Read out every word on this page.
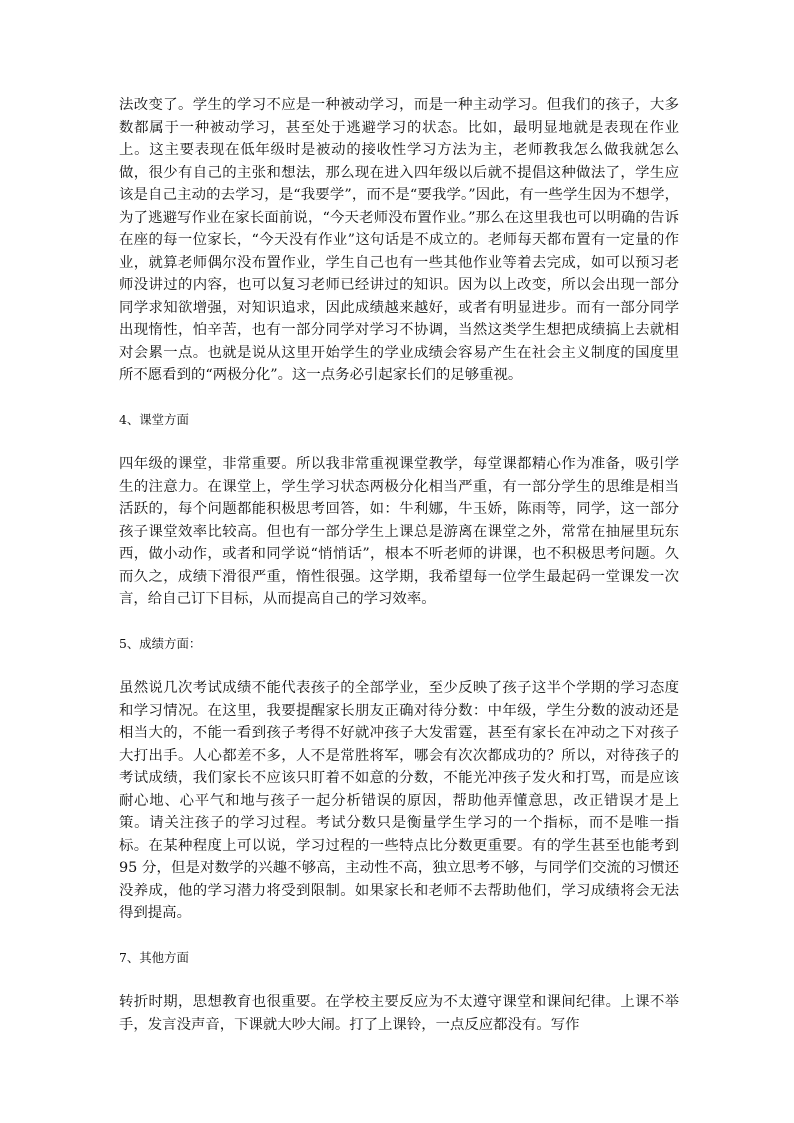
法改变了。学生的学习不应是一种被动学习，而是一种主动学习。但我们的孩子，大多数都属于一种被动学习，甚至处于逃避学习的状态。比如，最明显地就是表现在作业上。这主要表现在低年级时是被动的接收性学习方法为主，老师教我怎么做我就怎么做，很少有自己的主张和想法，那么现在进入四年级以后就不提倡这种做法了，学生应该是自己主动的去学习，是“我要学”，而不是“要我学。”因此，有一些学生因为不想学，为了逃避写作业在家长面前说，“今天老师没布置作业。”那么在这里我也可以明确的告诉在座的每一位家长，“今天没有作业”这句话是不成立的。老师每天都布置有一定量的作业，就算老师偶尔没布置作业，学生自己也有一些其他作业等着去完成，如可以预习老师没讲过的内容，也可以复习老师已经讲过的知识。因为以上改变，所以会出现一部分同学求知欲增强，对知识追求，因此成绩越来越好，或者有明显进步。而有一部分同学出现惰性，怕辛苦，也有一部分同学对学习不协调，当然这类学生想把成绩搞上去就相对会累一点。也就是说从这里开始学生的学业成绩会容易产生在社会主义制度的国度里所不愿看到的“两极分化”。这一点务必引起家长们的足够重视。

4、课堂方面

四年级的课堂，非常重要。所以我非常重视课堂教学，每堂课都精心作为准备，吸引学生的注意力。在课堂上，学生学习状态两极分化相当严重，有一部分学生的思维是相当活跃的，每个问题都能积极思考回答，如：牛利娜，牛玉娇，陈雨等，同学，这一部分孩子课堂效率比较高。但也有一部分学生上课总是游离在课堂之外，常常在抽屉里玩东西，做小动作，或者和同学说“悄悄话”，根本不听老师的讲课，也不积极思考问题。久而久之，成绩下滑很严重，惰性很强。这学期，我希望每一位学生最起码一堂课发一次言，给自己订下目标，从而提高自己的学习效率。

5、成绩方面：

虽然说几次考试成绩不能代表孩子的全部学业，至少反映了孩子这半个学期的学习态度和学习情况。在这里，我要提醒家长朋友正确对待分数：中年级，学生分数的波动还是相当大的，不能一看到孩子考得不好就冲孩子大发雷霆，甚至有家长在冲动之下对孩子大打出手。人心都差不多，人不是常胜将军，哪会有次次都成功的？所以，对待孩子的考试成绩，我们家长不应该只盯着不如意的分数，不能光冲孩子发火和打骂，而是应该耐心地、心平气和地与孩子一起分析错误的原因，帮助他弄懂意思，改正错误才是上策。请关注孩子的学习过程。考试分数只是衡量学生学习的一个指标，而不是唯一指标。在某种程度上可以说，学习过程的一些特点比分数更重要。有的学生甚至也能考到 95 分，但是对数学的兴趣不够高，主动性不高，独立思考不够，与同学们交流的习惯还没养成，他的学习潜力将受到限制。如果家长和老师不去帮助他们，学习成绩将会无法得到提高。

7、其他方面

转折时期，思想教育也很重要。在学校主要反应为不太遵守课堂和课间纪律。上课不举手，发言没声音，下课就大吵大闹。打了上课铃，一点反应都没有。写作
